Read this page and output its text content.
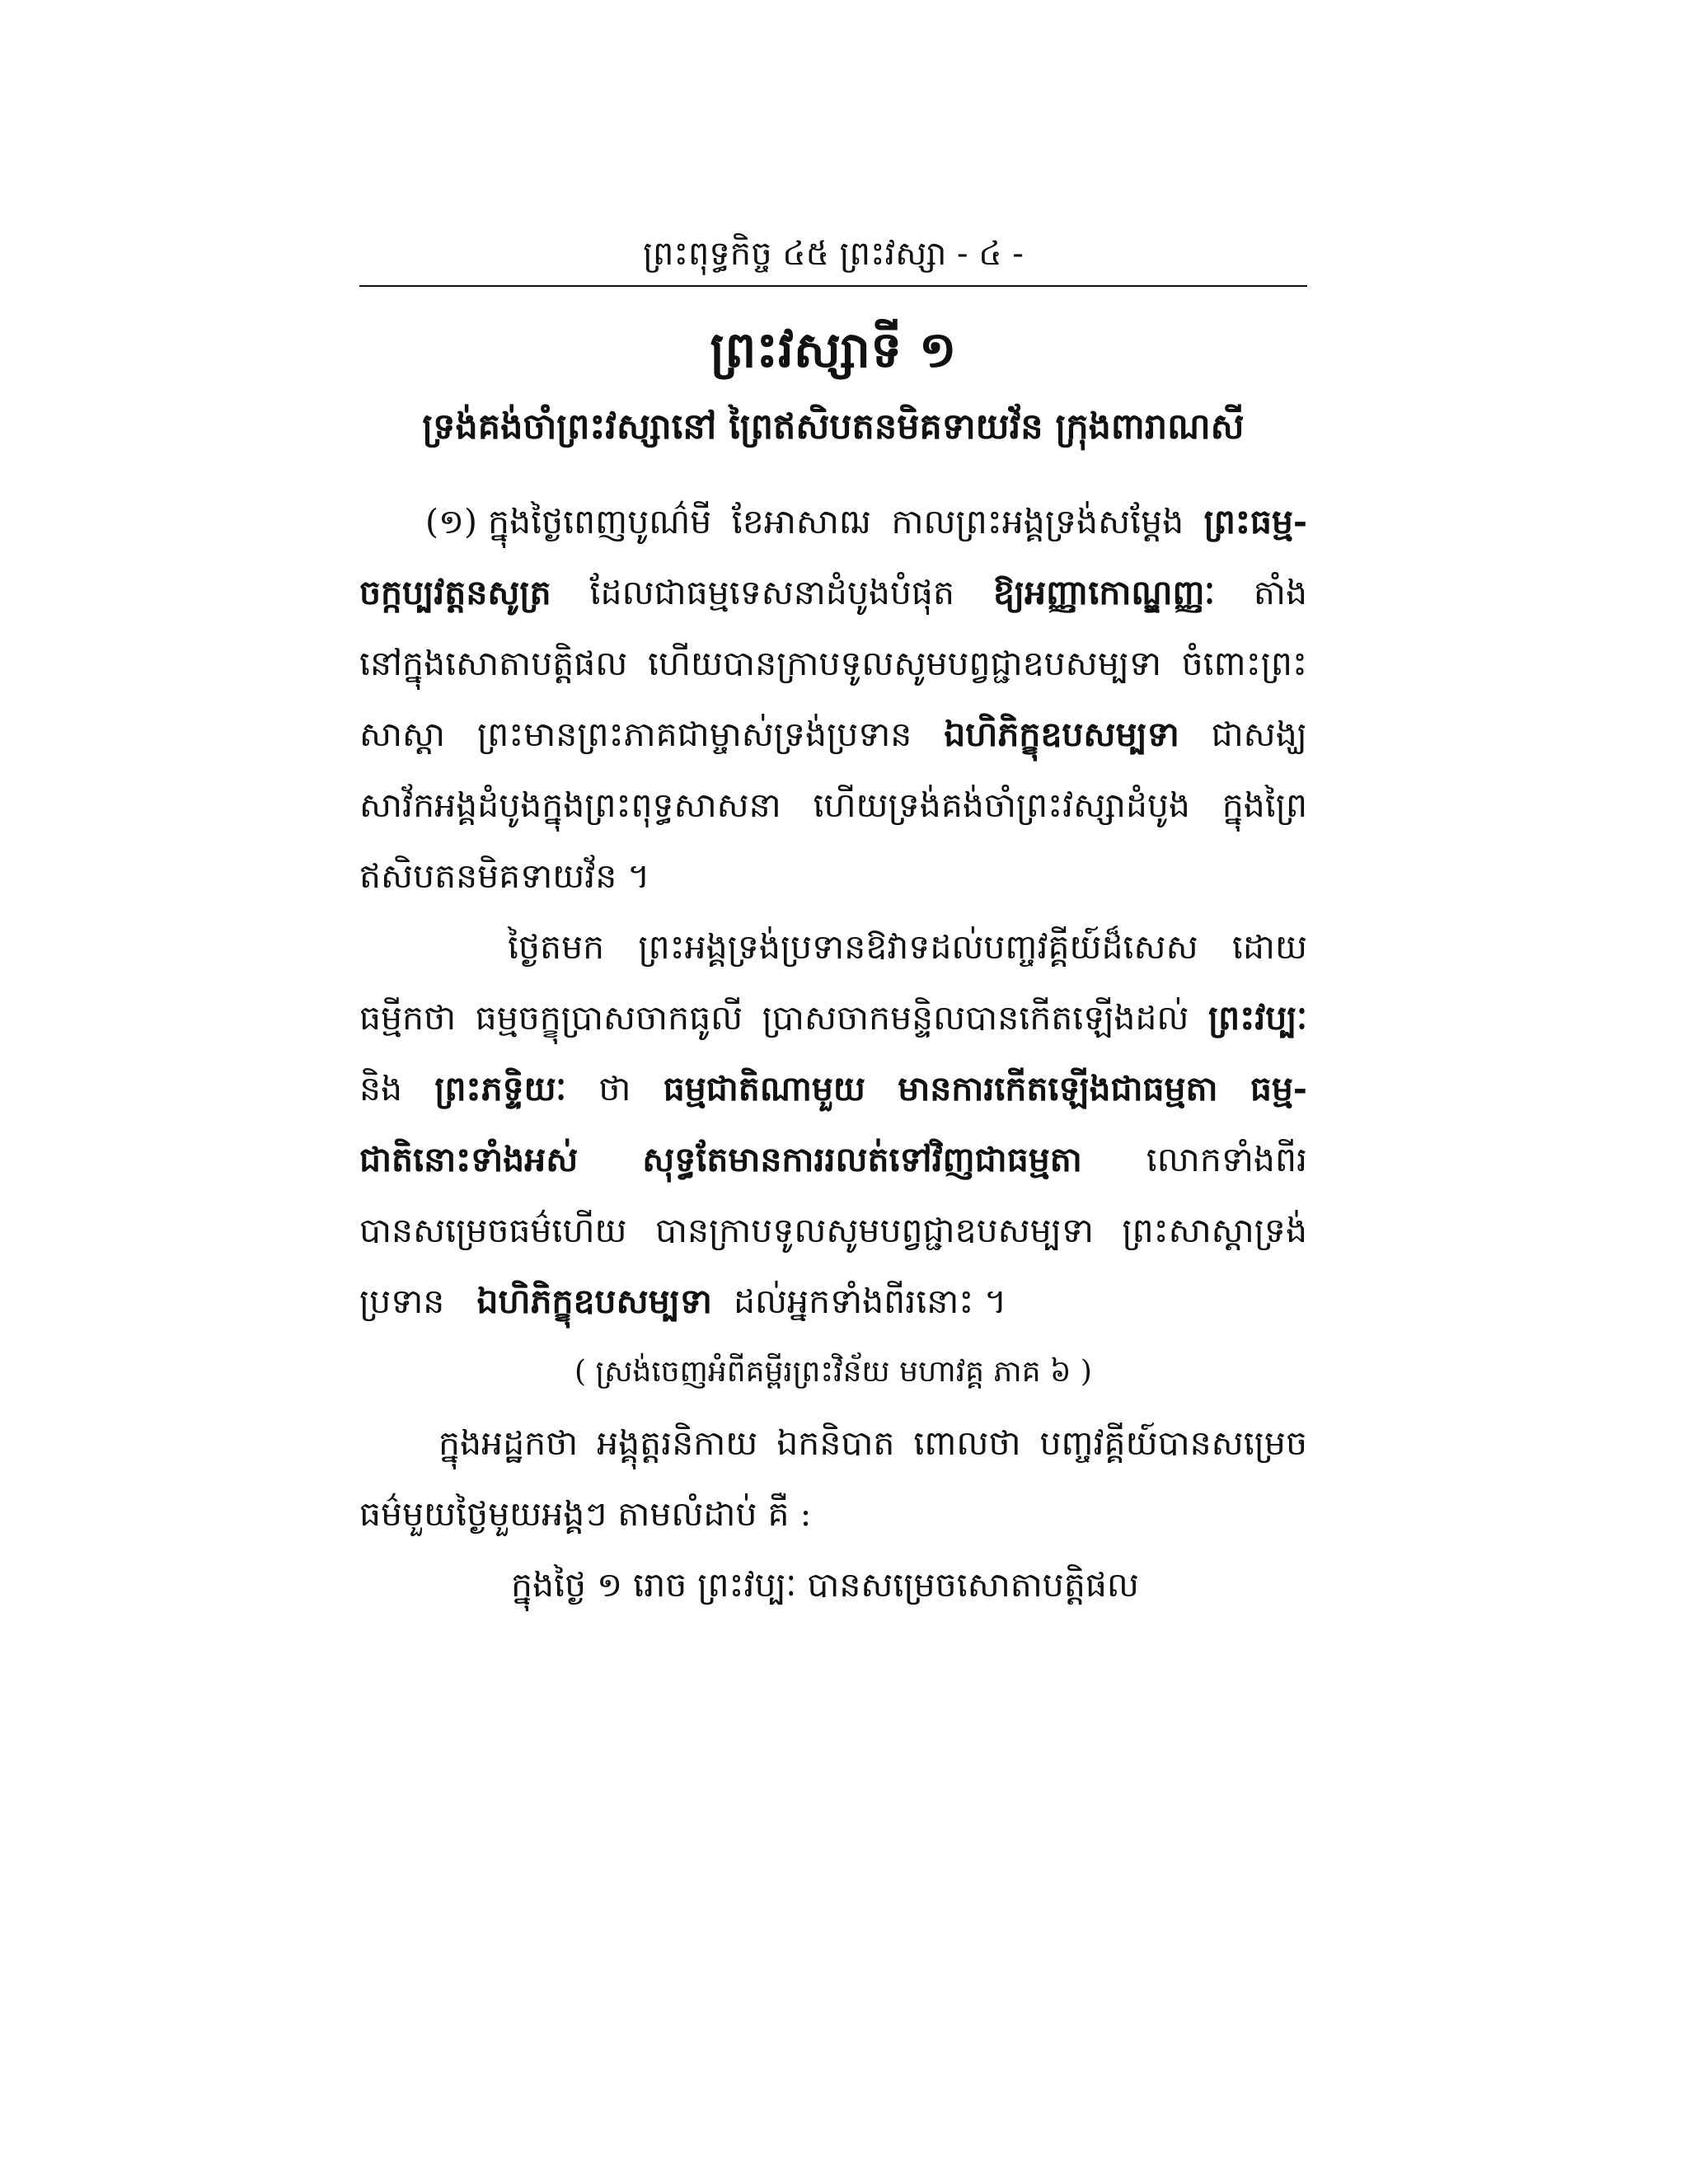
ព្រះពុទ្ធកិច្ច ៤៥ ព្រះវស្សា ‐ ៤ ‐
ព្រះវស្សាទី ១
ទ្រង់គង់ចាំព្រះវស្សានៅ ព្រៃឥសិបតនមិគទាយវ័ន ក្រុងពារាណសី
(១) ក្នុងថ្ងៃពេញបូណ៌មី ខែអាសាឍ កាលព្រះអង្គទ្រង់សម្ដែង ព្រះធម្ម-
ចក្កប្បវត្តនសូត្រ ដែលជាធម្មទេសនាដំបូងបំផុត ឱ្យអញ្ញាកោណ្ឌញ្ញៈ តាំង
នៅក្នុងសោតាបត្តិផល ហើយបានក្រាបទូលសូមបព្វជ្ជាឧបសម្បទា ចំពោះព្រះ
សាស្ដា ព្រះមានព្រះភាគជាម្ចាស់ទ្រង់ប្រទាន ឯហិភិក្ខុឧបសម្បទា ជាសង្ឃ
សាវ័កអង្គដំបូងក្នុងព្រះពុទ្ធសាសនា ហើយទ្រង់គង់ចាំព្រះវស្សាដំបូង ក្នុងព្រៃ
ឥសិបតនមិគទាយវ័ន ។
ថ្ងៃតមក ព្រះអង្គទ្រង់ប្រទានឱវាទដល់បញ្ចវគ្គីយ៍ដ៏សេស ដោយ
ធម្មីកថា ធម្មចក្ខុប្រាសចាកធូលី ប្រាសចាកមន្ទិលបានកើតឡើងដល់ ព្រះវប្បៈ
និង ព្រះភទ្ទិយៈ ថា ធម្មជាតិណាមួយ មានការកើតឡើងជាធម្មតា ធម្ម-
ជាតិនោះទាំងអស់ សុទ្ធតែមានការរលត់ទៅវិញជាធម្មតា លោកទាំងពីរ
បានសម្រេចធម៌ហើយ បានក្រាបទូលសូមបព្វជ្ជាឧបសម្បទា ព្រះសាស្ដាទ្រង់
ប្រទាន ឯហិភិក្ខុឧបសម្បទា ដល់អ្នកទាំងពីរនោះ ។
( ស្រង់ចេញអំពីគម្ពីរព្រះវិន័យ មហាវគ្គ ភាគ ៦ )
ក្នុងអដ្ឋកថា អង្គុត្តរនិកាយ ឯកនិបាត ពោលថា បញ្ចវគ្គីយ៍បានសម្រេច
ធម៌មួយថ្ងៃមួយអង្គៗ តាមលំដាប់ គឺ :
ក្នុងថ្ងៃ ១ រោច ព្រះវប្បៈ បានសម្រេចសោតាបត្តិផល
